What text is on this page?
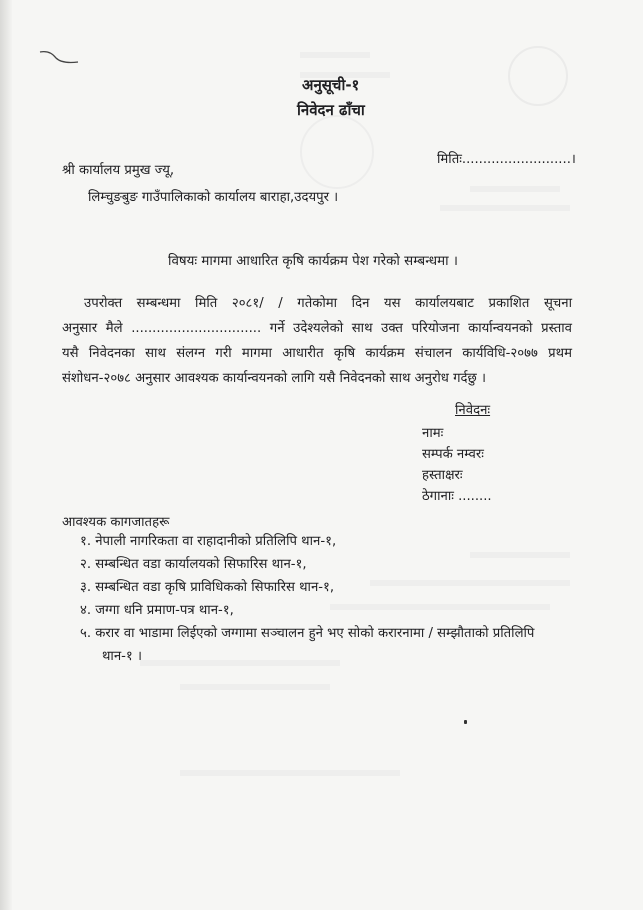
अनुसूची-१
निवेदन ढाँचा
मितिः..........................।
श्री कार्यालय प्रमुख ज्यू,
लिम्चुङबुङ गाउँपालिकाको कार्यालय बाराहा,उदयपुर ।
विषयः मागमा आधारित कृषि कार्यक्रम पेश गरेको सम्बन्धमा ।
उपरोक्त सम्बन्धमा मिति २०८१/ / गतेकोमा दिन यस कार्यालयबाट प्रकाशित सूचना
अनुसार मैले ............................... गर्ने उदेश्यलेको साथ उक्त परियोजना कार्यान्वयनको प्रस्ताव
यसै निवेदनका साथ संलग्न गरी मागमा आधारीत कृषि कार्यक्रम संचालन कार्यविधि-२०७७ प्रथम
संशोधन-२०७८ अनुसार आवश्यक कार्यान्वयनको लागि यसै निवेदनको साथ अनुरोध गर्दछु ।
निवेदनः
नामः
सम्पर्क नम्वरः
हस्ताक्षरः
ठेगानाः ........
आवश्यक कागजातहरू
१. नेपाली नागरिकता वा राहादानीको प्रतिलिपि थान-१,
२. सम्बन्धित वडा कार्यालयको सिफारिस थान-१,
३. सम्बन्धित वडा कृषि प्राविधिकको सिफारिस थान-१,
४. जग्गा धनि प्रमाण-पत्र थान-१,
५. करार वा भाडामा लिईएको जग्गामा सञ्चालन हुने भए सोको करारनामा / सम्झौताको प्रतिलिपि
थान-१ ।
